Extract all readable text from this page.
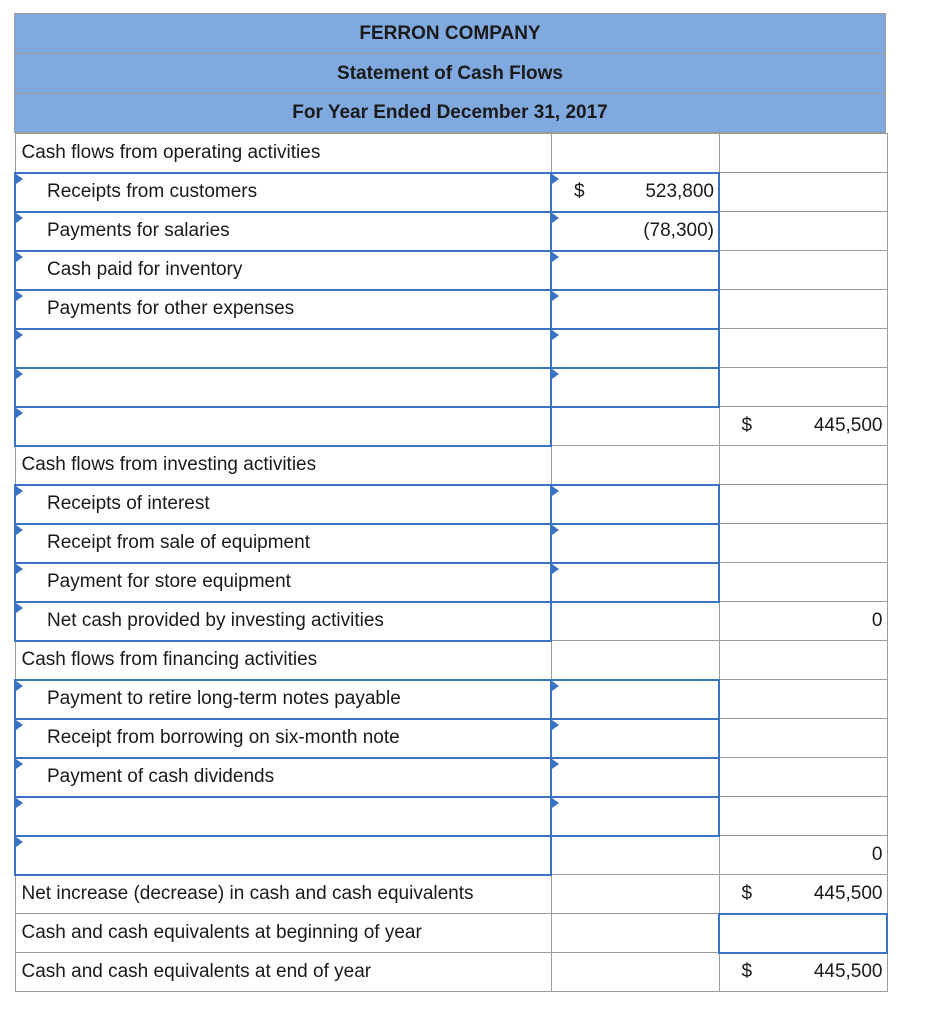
FERRON COMPANY
Statement of Cash Flows
For Year Ended December 31, 2017
Cash flows from operating activities		
Receipts from customers	$ 523,800	

Payments for salaries	(78,300)	
Cash paid for inventory		
Payments for other expenses		

		$ 445,500

Cash flows from investing activities		
Receipts of interest		
Receipt from sale of equipment		
Payment for store equipment		
Net cash provided by investing activities		0
Cash flows from financing activities		
Payment to retire long-term notes payable		
Receipt from borrowing on six-month note		
Payment of cash dividends		

		0
Net increase (decrease) in cash and cash equivalents		$ 445,500

Cash and cash equivalents at beginning of year		
Cash and cash equivalents at end of year		$ 445,500
